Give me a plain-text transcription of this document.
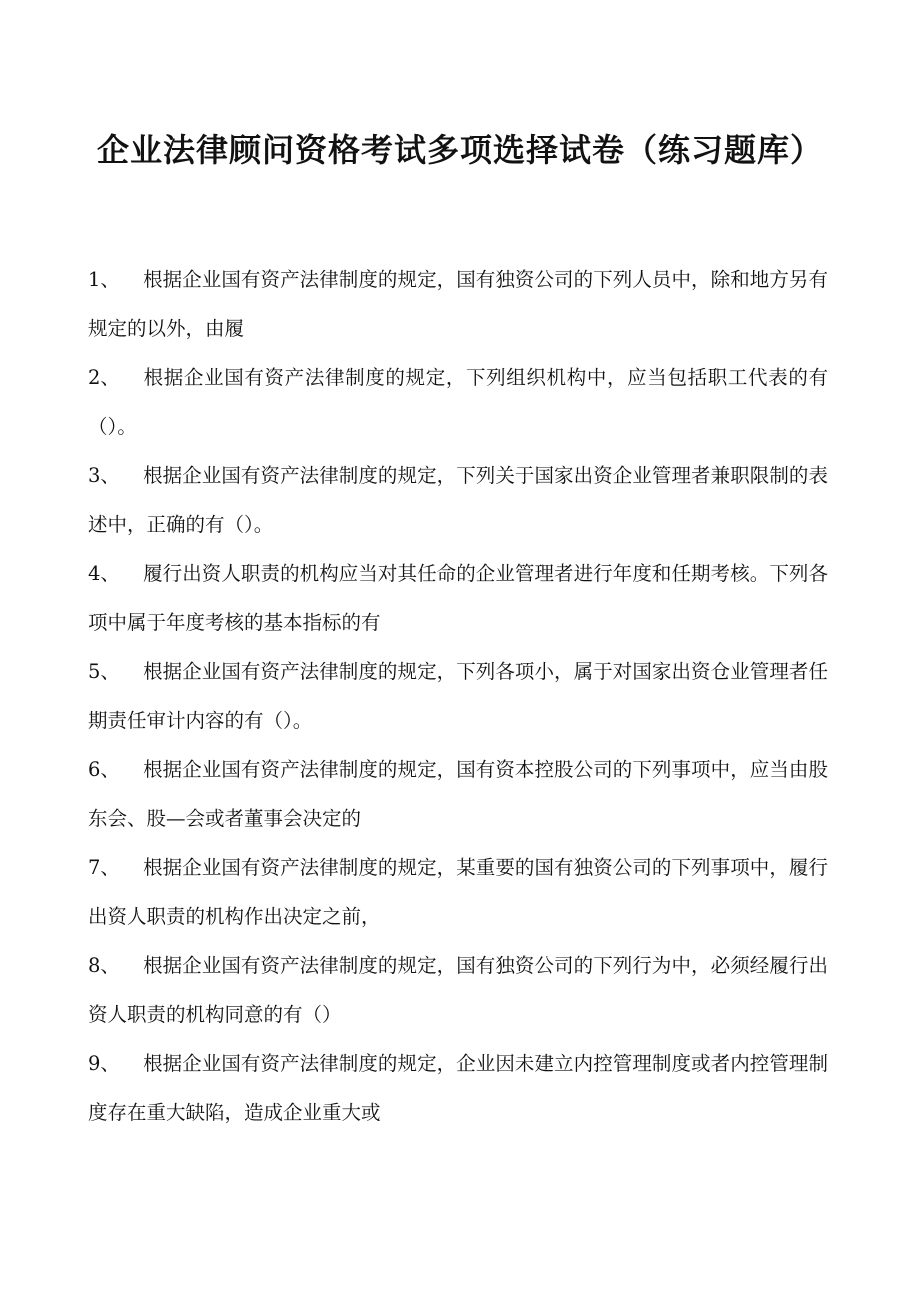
企业法律顾问资格考试多项选择试卷（练习题库）
1、 根据企业国有资产法律制度的规定，国有独资公司的下列人员中，除和地方另有规定的以外，由履
2、 根据企业国有资产法律制度的规定，下列组织机构中，应当包括职工代表的有（）。
3、 根据企业国有资产法律制度的规定，下列关于国家出资企业管理者兼职限制的表述中，正确的有（）。
4、 履行出资人职责的机构应当对其任命的企业管理者进行年度和任期考核。下列各项中属于年度考核的基本指标的有
5、 根据企业国有资产法律制度的规定，下列各项小，属于对国家出资仓业管理者任期责任审计内容的有（）。
6、 根据企业国有资产法律制度的规定，国有资本控股公司的下列事项中，应当由股东会、股—会或者董事会决定的
7、 根据企业国有资产法律制度的规定，某重要的国有独资公司的下列事项中，履行出资人职责的机构作出决定之前，
8、 根据企业国有资产法律制度的规定，国有独资公司的下列行为中，必须经履行出资人职责的机构同意的有（）
9、 根据企业国有资产法律制度的规定，企业因未建立内控管理制度或者内控管理制度存在重大缺陷，造成企业重大或
